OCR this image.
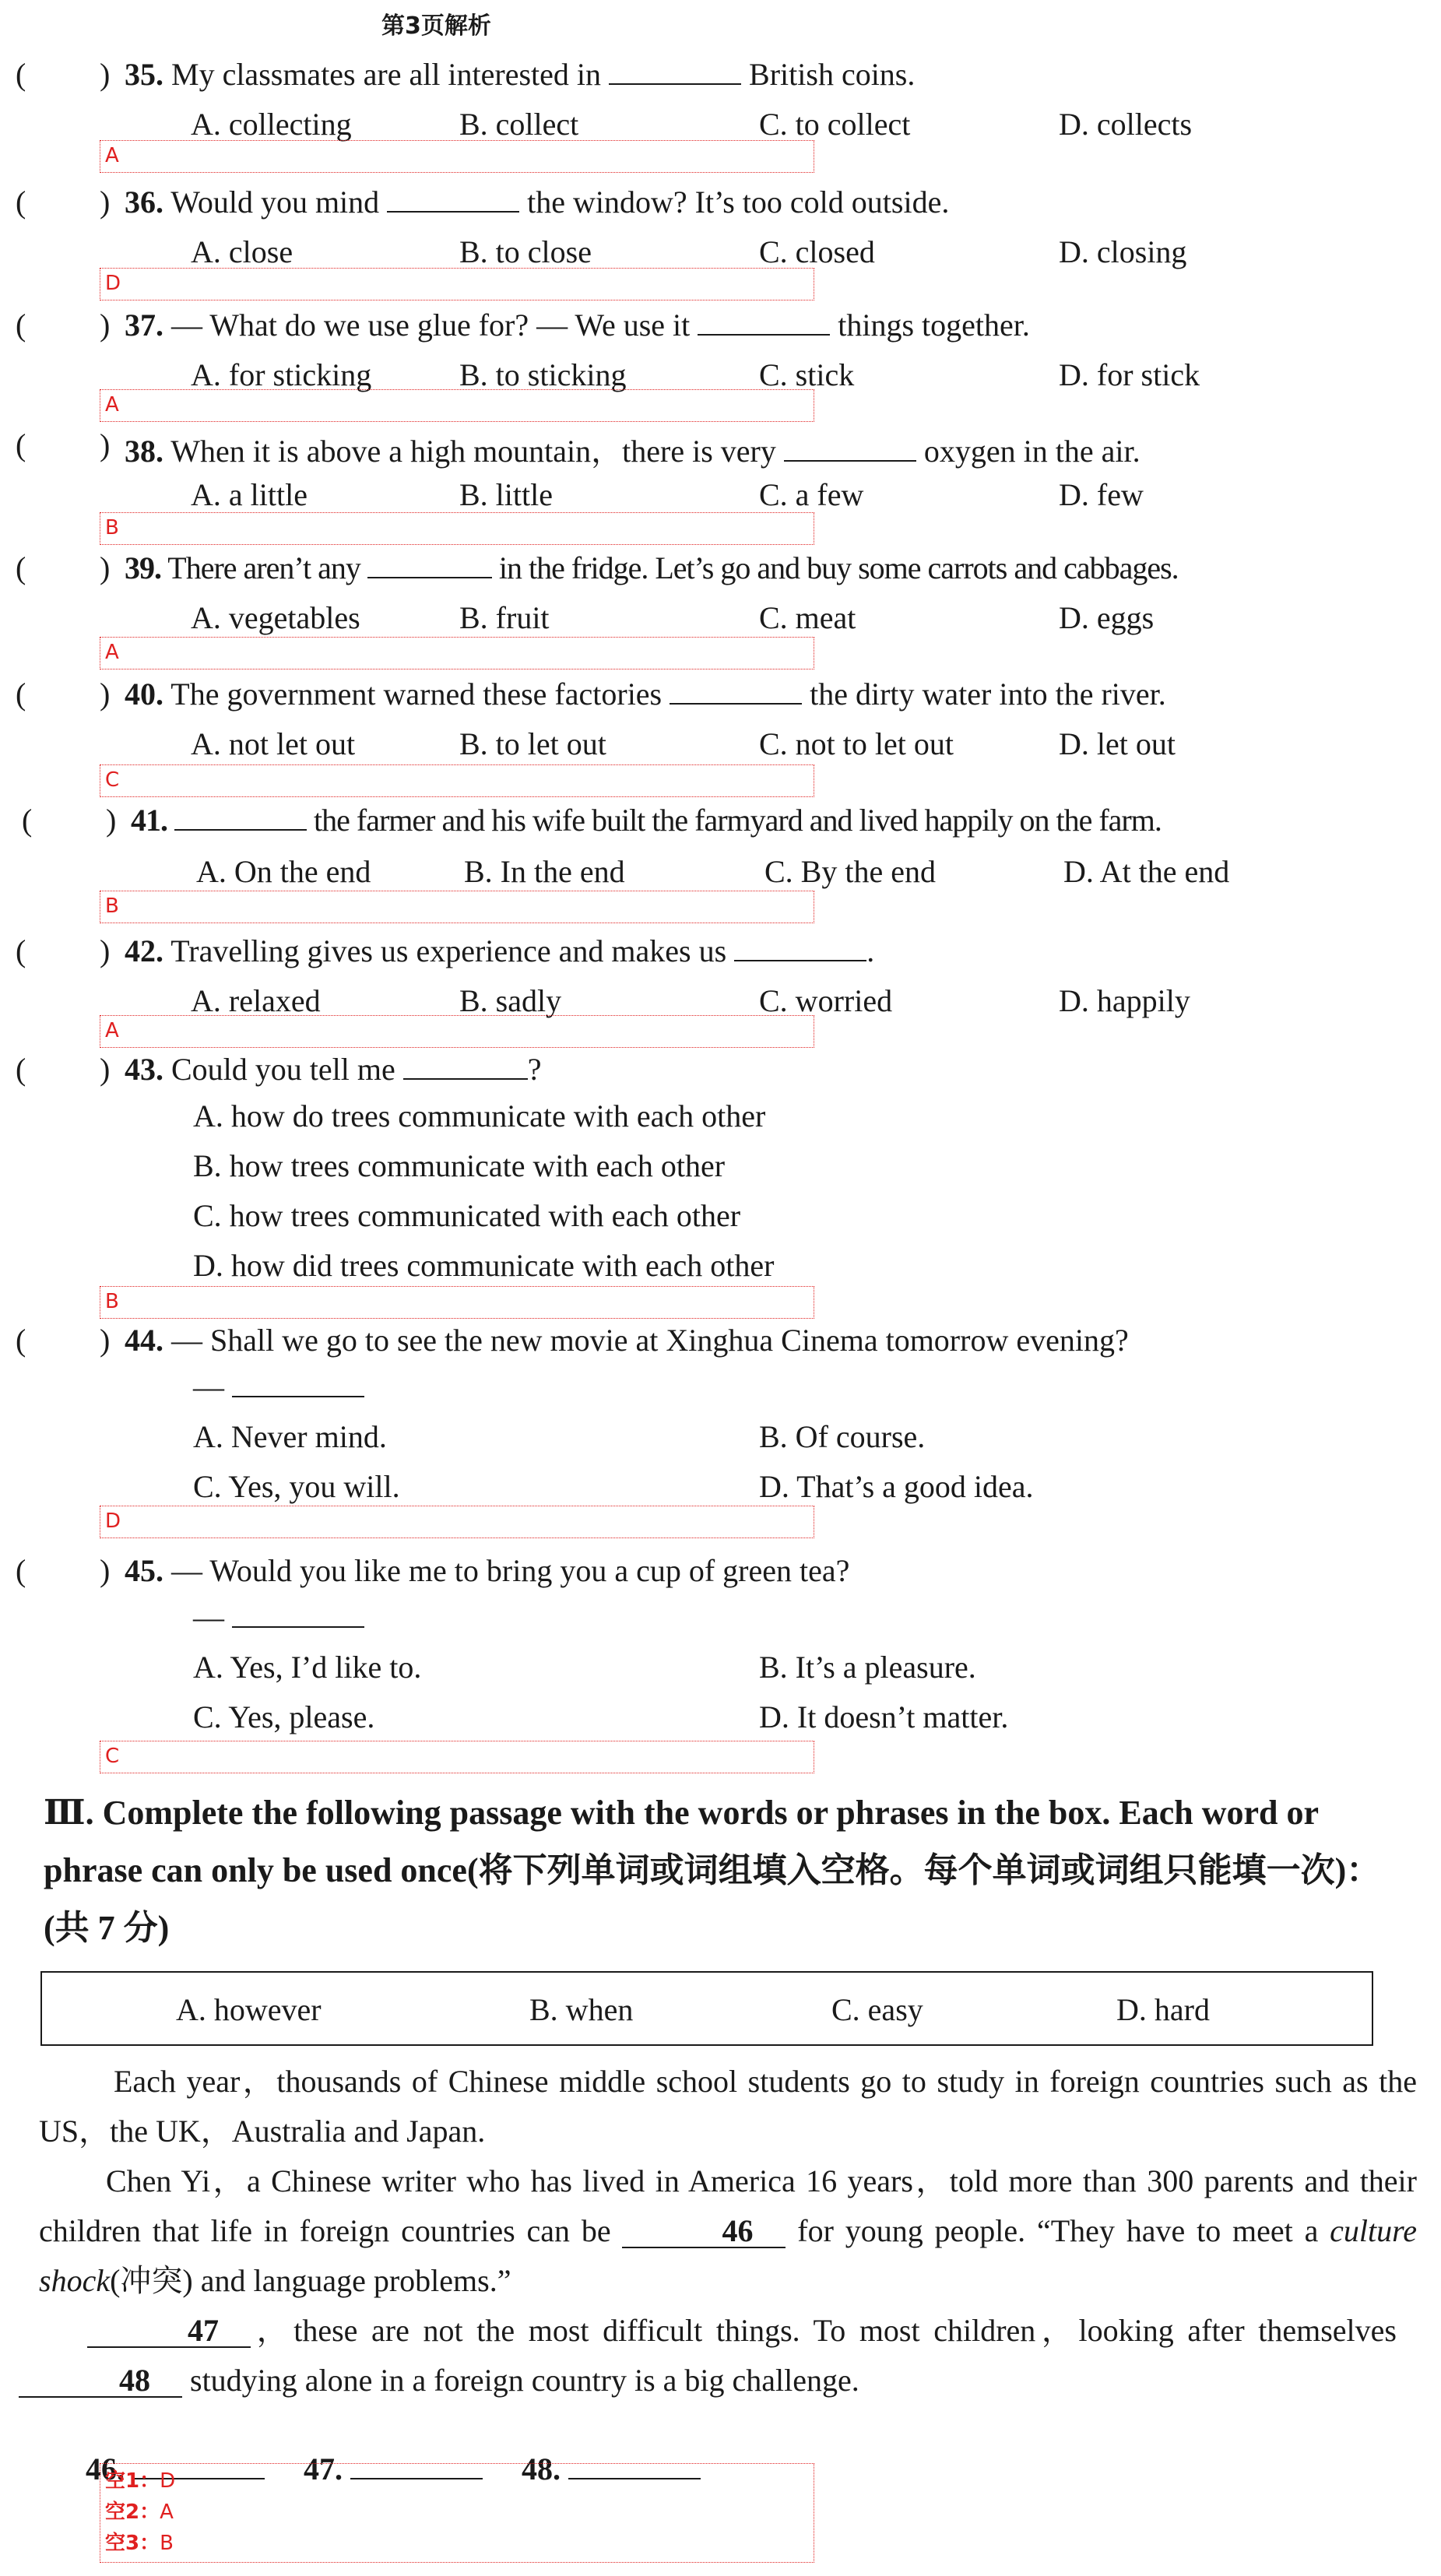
第3页解析
( ) 35. My classmates are all interested in	British coins.
A. collecting	B. collect	C. to collect	D. collects
A
( ) 36. Would you mind	the window? It’s too cold outside.
A. close	B. to close	C. closed	D. closing
D
( ) 37. — What do we use glue for? — We use it	things together.
A. for sticking	B. to sticking	C. stick	D. for stick
A
( ) 38. When it is above a high mountain，there is very	oxygen in the air.
A. a little	B. little	C. a few	D. few
B
( ) 39. There aren’t any	in the fridge. Let’s go and buy some carrots and cabbages.
A. vegetables	B. fruit	C. meat	D. eggs
A
( ) 40. The government warned these factories	the dirty water into the river.
A. not let out	B. to let out	C. not to let out	D. let out
C
( ) 41.	the farmer and his wife built the farmyard and lived happily on the farm.
A. On the end	B. In the end	C. By the end	D. At the end
B
( ) 42. Travelling gives us experience and makes us	.
A. relaxed	B. sadly	C. worried	D. happily
A
( ) 43. Could you tell me	?
A. how do trees communicate with each other
B. how trees communicate with each other
C. how trees communicated with each other
D. how did trees communicate with each other
B
( ) 44. — Shall we go to see the new movie at Xinghua Cinema tomorrow evening?
—
A. Never mind.	B. Of course.
C. Yes, you will.	D. That’s a good idea.
D
( ) 45. — Would you like me to bring you a cup of green tea?
—
A. Yes, I’d like to.	B. It’s a pleasure.
C. Yes, please.	D. It doesn’t matter.
C
Ⅲ. Complete the following passage with the words or phrases in the box. Each word or phrase can only be used once(将下列单词或词组填入空格。每个单词或词组只能填一次)：(共 7 分)
A. however	B. when	C. easy	D. hard
Each year，thousands of Chinese middle school students go to study in foreign countries such as the US，the UK，Australia and Japan.
Chen Yi，a Chinese writer who has lived in America 16 years，told more than 300 parents and their children that life in foreign countries can be	46 for young people. “They have to meet a culture shock(冲突) and language problems.”
47 ，these are not the most difficult things. To most children，looking after themselves 48 studying alone in a foreign country is a big challenge.
46.	47.	48.
空1：D
空2：A
空3：B
